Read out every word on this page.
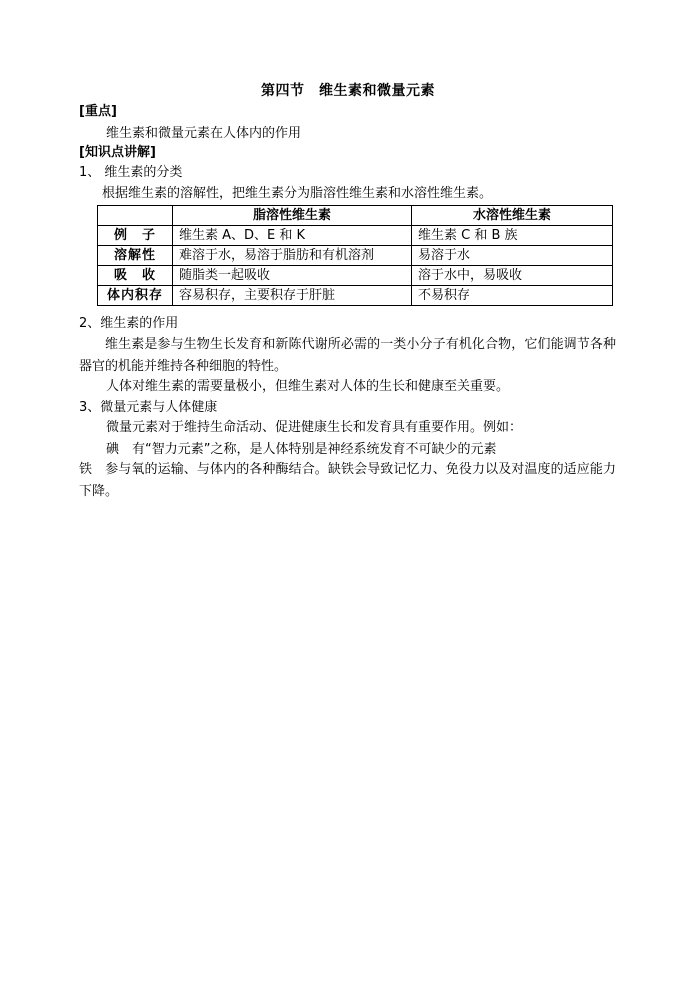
第四节　维生素和微量元素
[重点]
维生素和微量元素在人体内的作用
[知识点讲解]
1、 维生素的分类
根据维生素的溶解性，把维生素分为脂溶性维生素和水溶性维生素。
	脂溶性维生素	水溶性维生素
例　子	维生素 A、D、E 和 K	维生素 C 和 B 族
溶解性	难溶于水，易溶于脂肪和有机溶剂	易溶于水
吸　收	随脂类一起吸收	溶于水中，易吸收
体内积存	容易积存，主要积存于肝脏	不易积存
2、维生素的作用
维生素是参与生物生长发育和新陈代谢所必需的一类小分子有机化合物，它们能调节各种器官的机能并维持各种细胞的特性。
人体对维生素的需要量极小，但维生素对人体的生长和健康至关重要。
3、微量元素与人体健康
微量元素对于维持生命活动、促进健康生长和发育具有重要作用。例如：
碘　有“智力元素”之称，是人体特别是神经系统发育不可缺少的元素
铁　参与氧的运输、与体内的各种酶结合。缺铁会导致记忆力、免役力以及对温度的适应能力下降。
